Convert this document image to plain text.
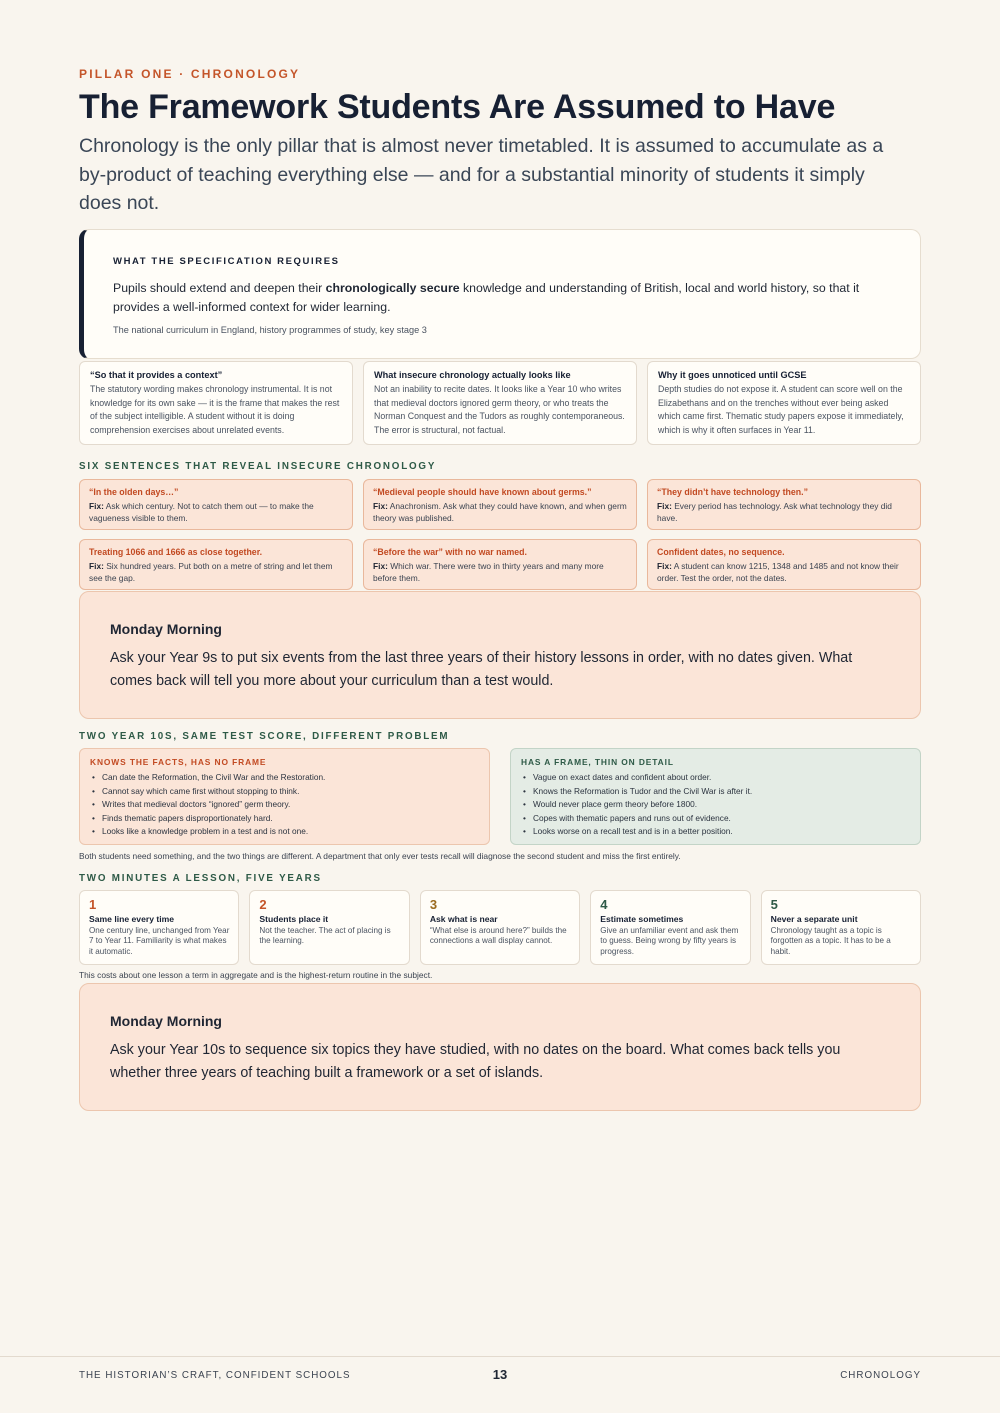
PILLAR ONE · CHRONOLOGY
The Framework Students Are Assumed to Have

Chronology is the only pillar that is almost never timetabled. It is assumed to accumulate as a by-product of teaching everything else — and for a substantial minority of students it simply does not.

WHAT THE SPECIFICATION REQUIRES
Pupils should extend and deepen their chronologically secure knowledge and understanding of British, local and world history, so that it provides a well-informed context for wider learning.
The national curriculum in England, history programmes of study, key stage 3
“So that it provides a context”
The statutory wording makes chronology instrumental. It is not knowledge for its own sake — it is the frame that makes the rest of the subject intelligible. A student without it is doing comprehension exercises about unrelated events.
What insecure chronology actually looks like
Not an inability to recite dates. It looks like a Year 10 who writes that medieval doctors ignored germ theory, or who treats the Norman Conquest and the Tudors as roughly contemporaneous. The error is structural, not factual.
Why it goes unnoticed until GCSE
Depth studies do not expose it. A student can score well on the Elizabethans and on the trenches without ever being asked which came first. Thematic study papers expose it immediately, which is why it often surfaces in Year 11.
SIX SENTENCES THAT REVEAL INSECURE CHRONOLOGY
“In the olden days…”
Fix: Ask which century. Not to catch them out — to make the vagueness visible to them.
“Medieval people should have known about germs.”
Fix: Anachronism. Ask what they could have known, and when germ theory was published.
“They didn’t have technology then.”
Fix: Every period has technology. Ask what technology they did have.
Treating 1066 and 1666 as close together.
Fix: Six hundred years. Put both on a metre of string and let them see the gap.
“Before the war” with no war named.
Fix: Which war. There were two in thirty years and many more before them.
Confident dates, no sequence.
Fix: A student can know 1215, 1348 and 1485 and not know their order. Test the order, not the dates.
Monday Morning
Ask your Year 9s to put six events from the last three years of their history lessons in order, with no dates given. What comes back will tell you more about your curriculum than a test would.
TWO YEAR 10S, SAME TEST SCORE, DIFFERENT PROBLEM
KNOWS THE FACTS, HAS NO FRAME
• Can date the Reformation, the Civil War and the Restoration.
• Cannot say which came first without stopping to think.
• Writes that medieval doctors “ignored” germ theory.
• Finds thematic papers disproportionately hard.
• Looks like a knowledge problem in a test and is not one.
HAS A FRAME, THIN ON DETAIL
• Vague on exact dates and confident about order.
• Knows the Reformation is Tudor and the Civil War is after it.
• Would never place germ theory before 1800.
• Copes with thematic papers and runs out of evidence.
• Looks worse on a recall test and is in a better position.
Both students need something, and the two things are different. A department that only ever tests recall will diagnose the second student and miss the first entirely.
TWO MINUTES A LESSON, FIVE YEARS
1
Same line every time
One century line, unchanged from Year 7 to Year 11. Familiarity is what makes it automatic.
2
Students place it
Not the teacher. The act of placing is the learning.
3
Ask what is near
“What else is around here?” builds the connections a wall display cannot.
4
Estimate sometimes
Give an unfamiliar event and ask them to guess. Being wrong by fifty years is progress.
5
Never a separate unit
Chronology taught as a topic is forgotten as a topic. It has to be a habit.
This costs about one lesson a term in aggregate and is the highest-return routine in the subject.
Monday Morning
Ask your Year 10s to sequence six topics they have studied, with no dates on the board. What comes back tells you whether three years of teaching built a framework or a set of islands.
THE HISTORIAN’S CRAFT, CONFIDENT SCHOOLS	13	CHRONOLOGY
